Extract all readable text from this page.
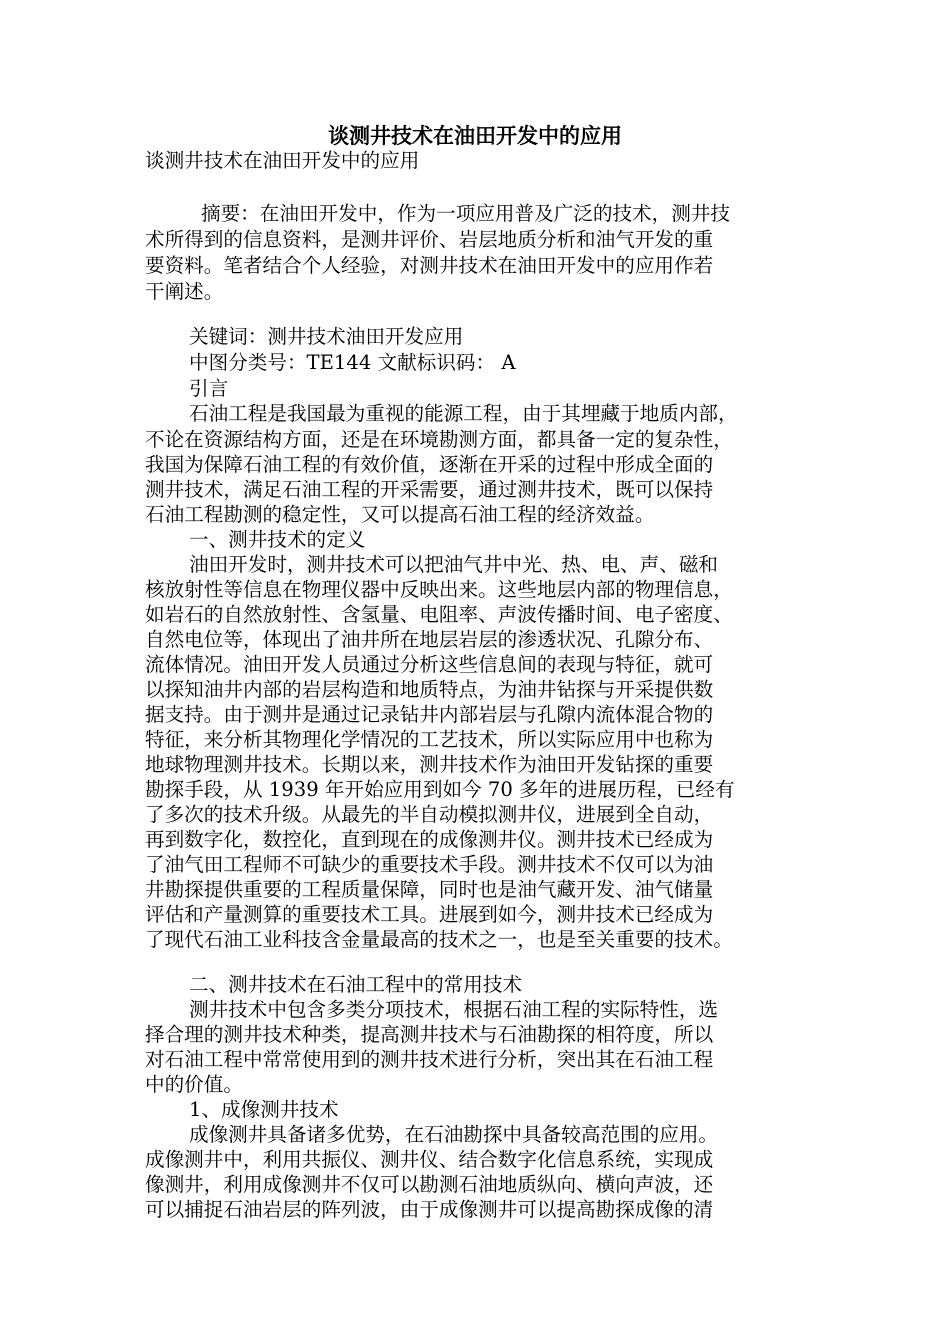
谈测井技术在油田开发中的应用
谈测井技术在油田开发中的应用
摘要：在油田开发中，作为一项应用普及广泛的技术，测井技
术所得到的信息资料，是测井评价、岩层地质分析和油气开发的重
要资料。笔者结合个人经验，对测井技术在油田开发中的应用作若
干阐述。
关键词：测井技术油田开发应用
中图分类号：TE144 文献标识码： A
引言
石油工程是我国最为重视的能源工程，由于其埋藏于地质内部，
不论在资源结构方面，还是在环境勘测方面，都具备一定的复杂性，
我国为保障石油工程的有效价值，逐渐在开采的过程中形成全面的
测井技术，满足石油工程的开采需要，通过测井技术，既可以保持
石油工程勘测的稳定性，又可以提高石油工程的经济效益。
一、测井技术的定义
油田开发时，测井技术可以把油气井中光、热、电、声、磁和
核放射性等信息在物理仪器中反映出来。这些地层内部的物理信息，
如岩石的自然放射性、含氢量、电阻率、声波传播时间、电子密度、
自然电位等，体现出了油井所在地层岩层的渗透状况、孔隙分布、
流体情况。油田开发人员通过分析这些信息间的表现与特征，就可
以探知油井内部的岩层构造和地质特点，为油井钻探与开采提供数
据支持。由于测井是通过记录钻井内部岩层与孔隙内流体混合物的
特征，来分析其物理化学情况的工艺技术，所以实际应用中也称为
地球物理测井技术。长期以来，测井技术作为油田开发钻探的重要
勘探手段，从 1939 年开始应用到如今 70 多年的进展历程，已经有
了多次的技术升级。从最先的半自动模拟测井仪，进展到全自动，
再到数字化，数控化，直到现在的成像测井仪。测井技术已经成为
了油气田工程师不可缺少的重要技术手段。测井技术不仅可以为油
井勘探提供重要的工程质量保障，同时也是油气藏开发、油气储量
评估和产量测算的重要技术工具。进展到如今，测井技术已经成为
了现代石油工业科技含金量最高的技术之一，也是至关重要的技术。
二、测井技术在石油工程中的常用技术
测井技术中包含多类分项技术，根据石油工程的实际特性，选
择合理的测井技术种类，提高测井技术与石油勘探的相符度，所以
对石油工程中常常使用到的测井技术进行分析，突出其在石油工程
中的价值。
1、成像测井技术
成像测井具备诸多优势，在石油勘探中具备较高范围的应用。
成像测井中，利用共振仪、测井仪、结合数字化信息系统，实现成
像测井，利用成像测井不仅可以勘测石油地质纵向、横向声波，还
可以捕捉石油岩层的阵列波，由于成像测井可以提高勘探成像的清
